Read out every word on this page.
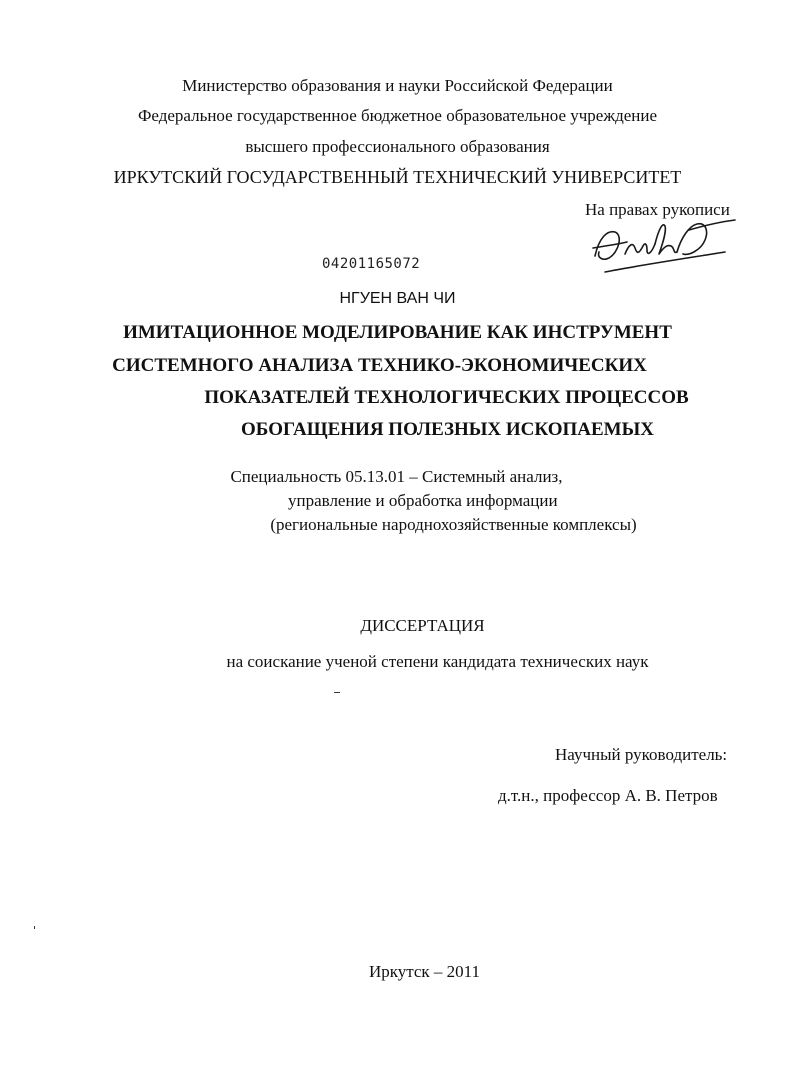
Министерство образования и науки Российской Федерации
Федеральное государственное бюджетное образовательное учреждение
высшего профессионального образования
ИРКУТСКИЙ ГОСУДАРСТВЕННЫЙ ТЕХНИЧЕСКИЙ УНИВЕРСИТЕТ
На правах рукописи
04201165072
НГУЕН ВАН ЧИ
ИМИТАЦИОННОЕ МОДЕЛИРОВАНИЕ КАК ИНСТРУМЕНТ
СИСТЕМНОГО АНАЛИЗА ТЕХНИКО-ЭКОНОМИЧЕСКИХ
ПОКАЗАТЕЛЕЙ ТЕХНОЛОГИЧЕСКИХ ПРОЦЕССОВ
ОБОГАЩЕНИЯ ПОЛЕЗНЫХ ИСКОПАЕМЫХ
Специальность 05.13.01 – Системный анализ,
управление и обработка информации
(региональные народнохозяйственные комплексы)
ДИССЕРТАЦИЯ
на соискание ученой степени кандидата технических наук
Научный руководитель:
д.т.н., профессор А. В. Петров
Иркутск – 2011
